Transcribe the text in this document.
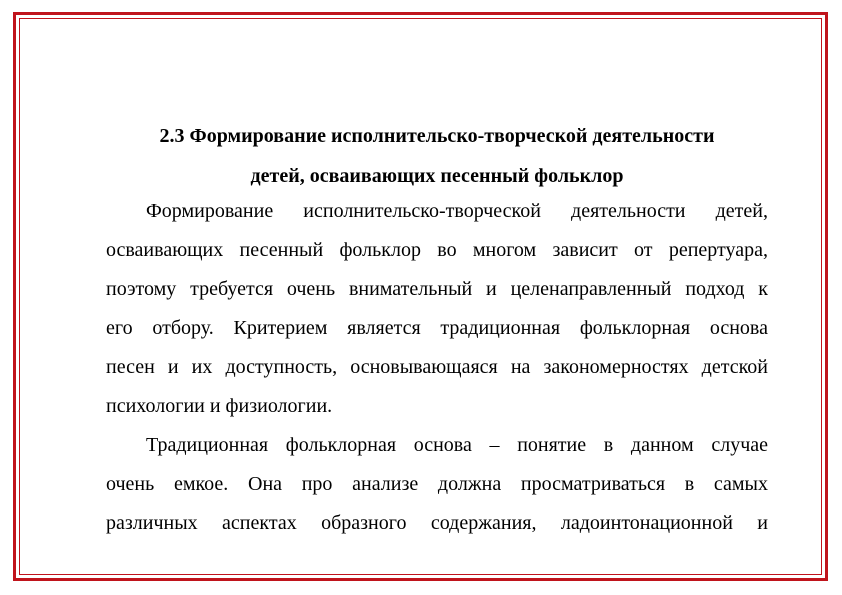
2.3 Формирование исполнительско-творческой деятельности
детей, осваивающих песенный фольклор
Формирование исполнительско-творческой деятельности детей,
осваивающих песенный фольклор во многом зависит от репертуара,
поэтому требуется очень внимательный и целенаправленный подход к
его отбору. Критерием является традиционная фольклорная основа
песен и их доступность, основывающаяся на закономерностях детской
психологии и физиологии.
Традиционная фольклорная основа – понятие в данном случае
очень емкое. Она про анализе должна просматриваться в самых
различных аспектах образного содержания, ладоинтонационной и
